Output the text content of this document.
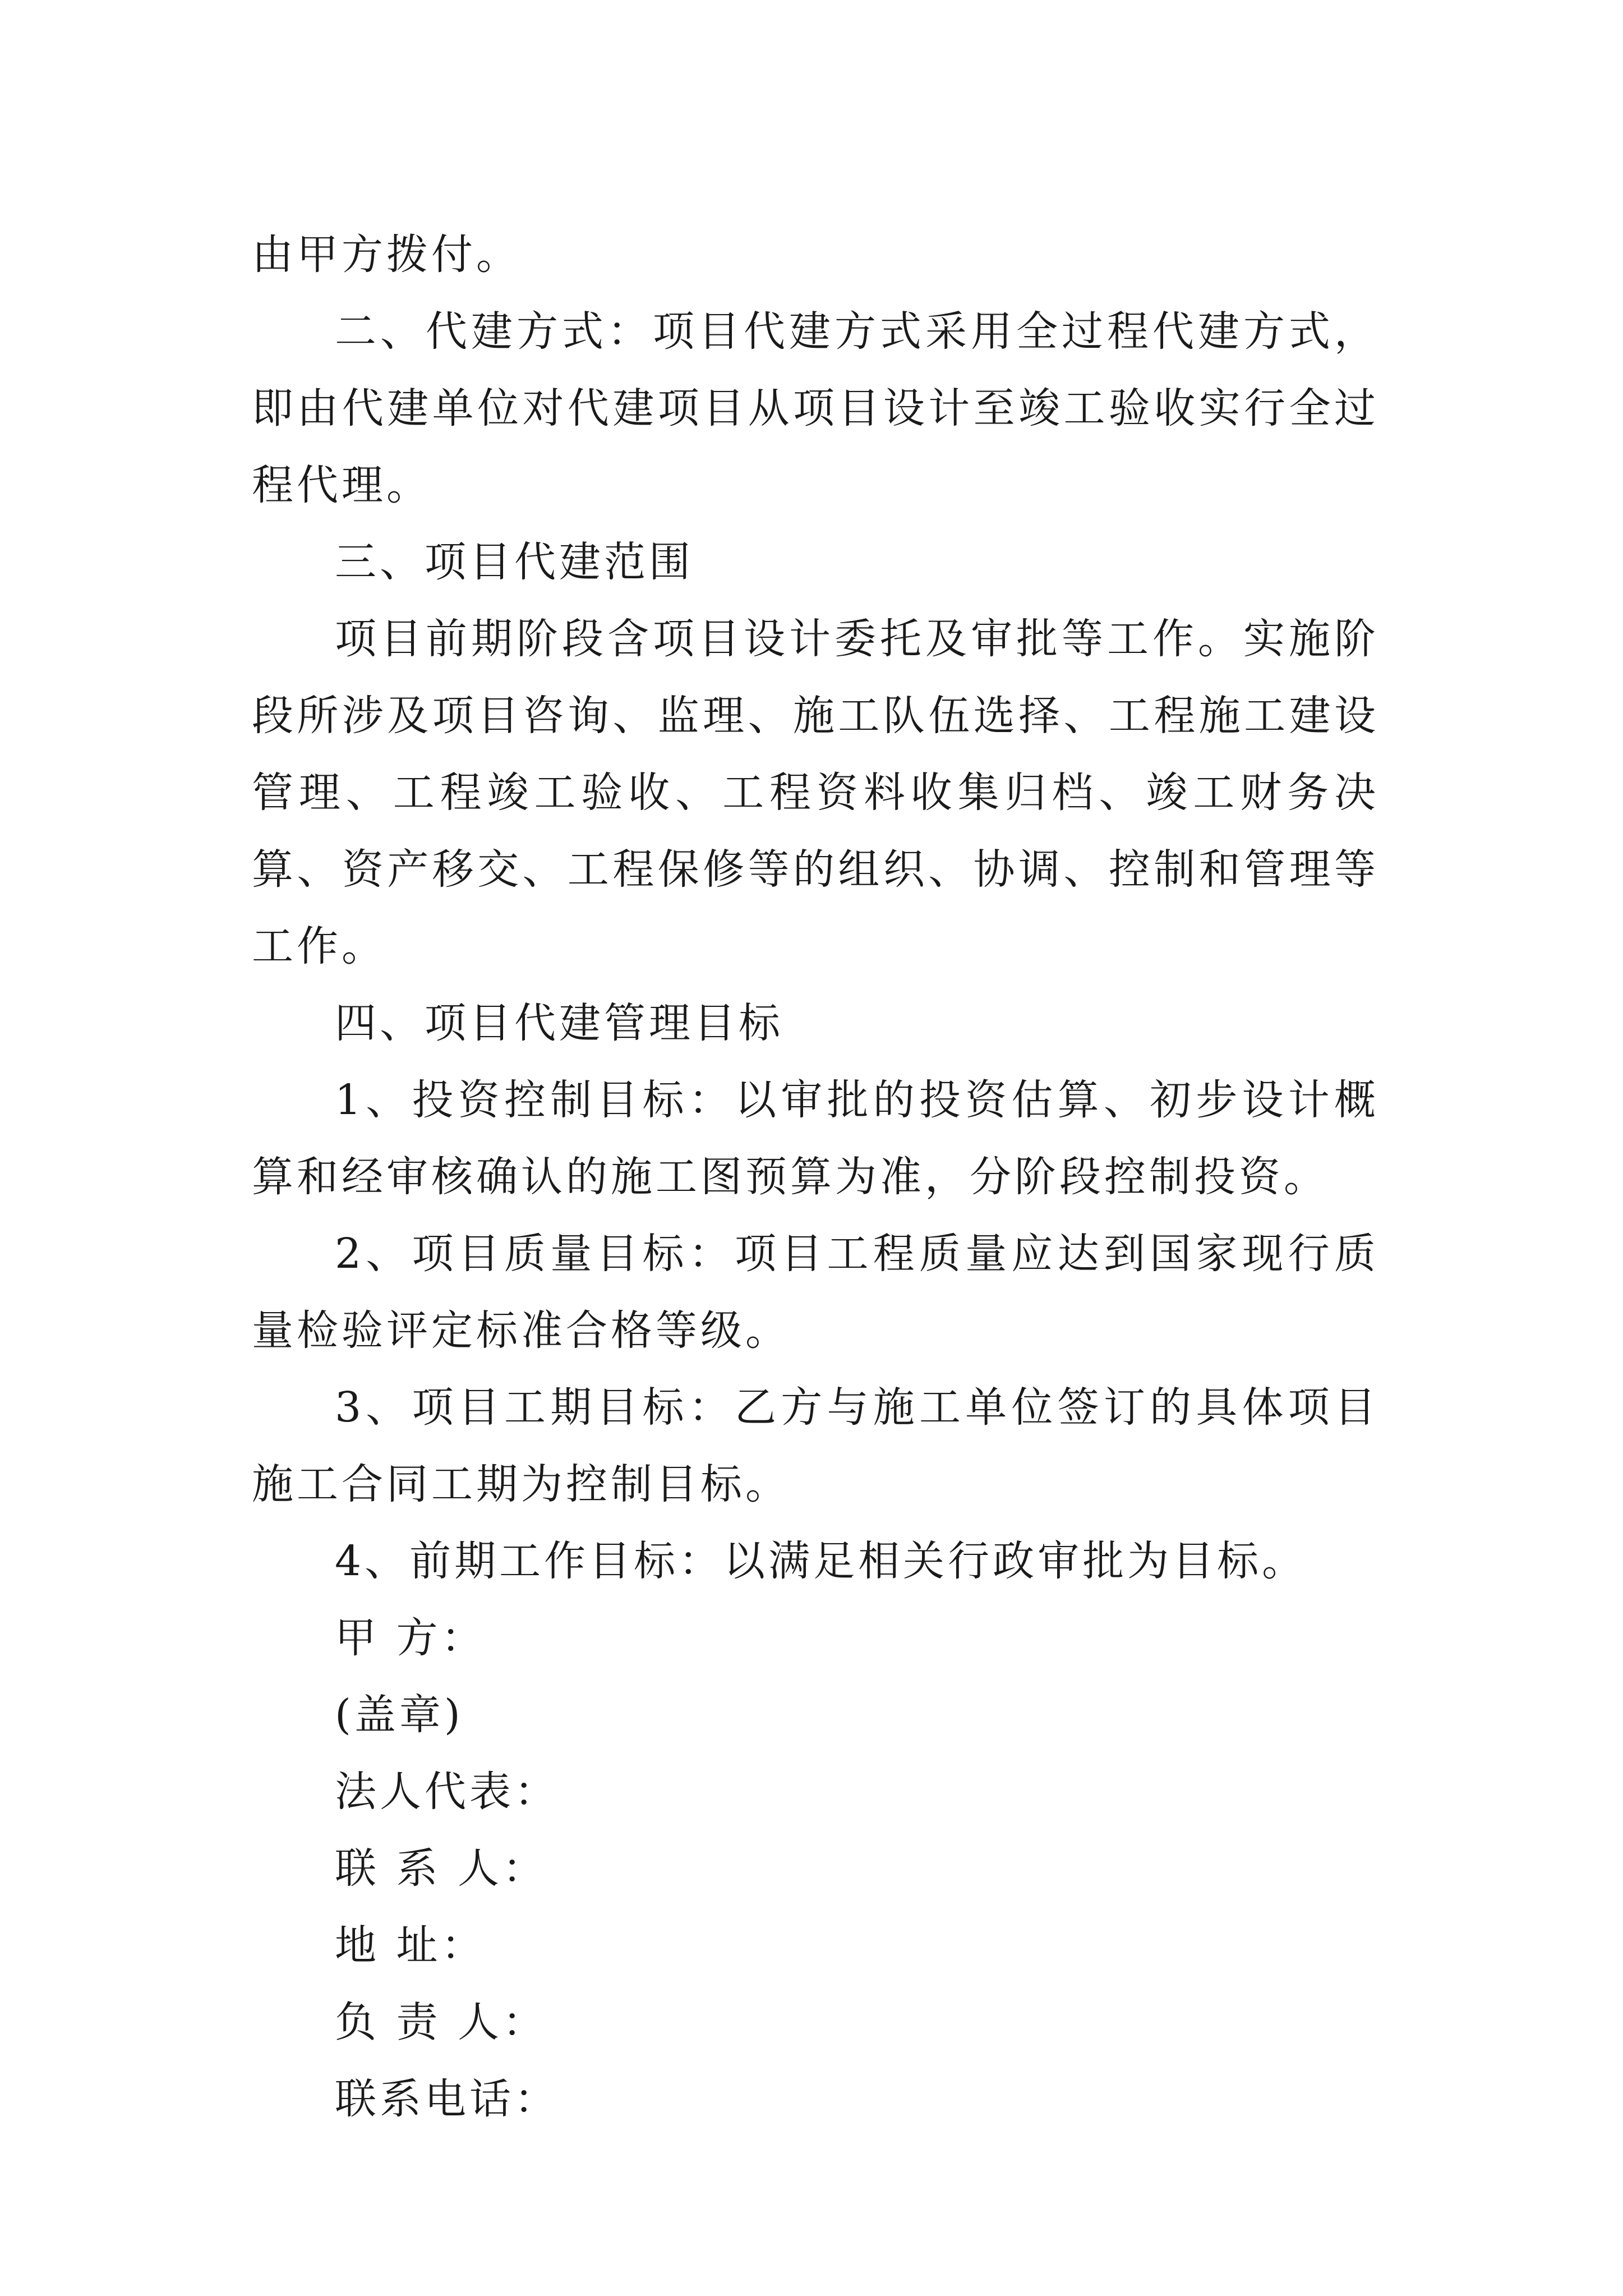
由甲方拨付。

二、代建方式：项目代建方式采用全过程代建方式，即由代建单位对代建项目从项目设计至竣工验收实行全过程代理。

三、项目代建范围

项目前期阶段含项目设计委托及审批等工作。实施阶段所涉及项目咨询、监理、施工队伍选择、工程施工建设管理、工程竣工验收、工程资料收集归档、竣工财务决算、资产移交、工程保修等的组织、协调、控制和管理等工作。

四、项目代建管理目标

1、投资控制目标：以审批的投资估算、初步设计概算和经审核确认的施工图预算为准，分阶段控制投资。

2、项目质量目标：项目工程质量应达到国家现行质量检验评定标准合格等级。

3、项目工期目标：乙方与施工单位签订的具体项目施工合同工期为控制目标。

4、前期工作目标：以满足相关行政审批为目标。

甲 方：

(盖章)

法人代表：

联 系 人：

地 址：

负 责 人：

联系电话：
